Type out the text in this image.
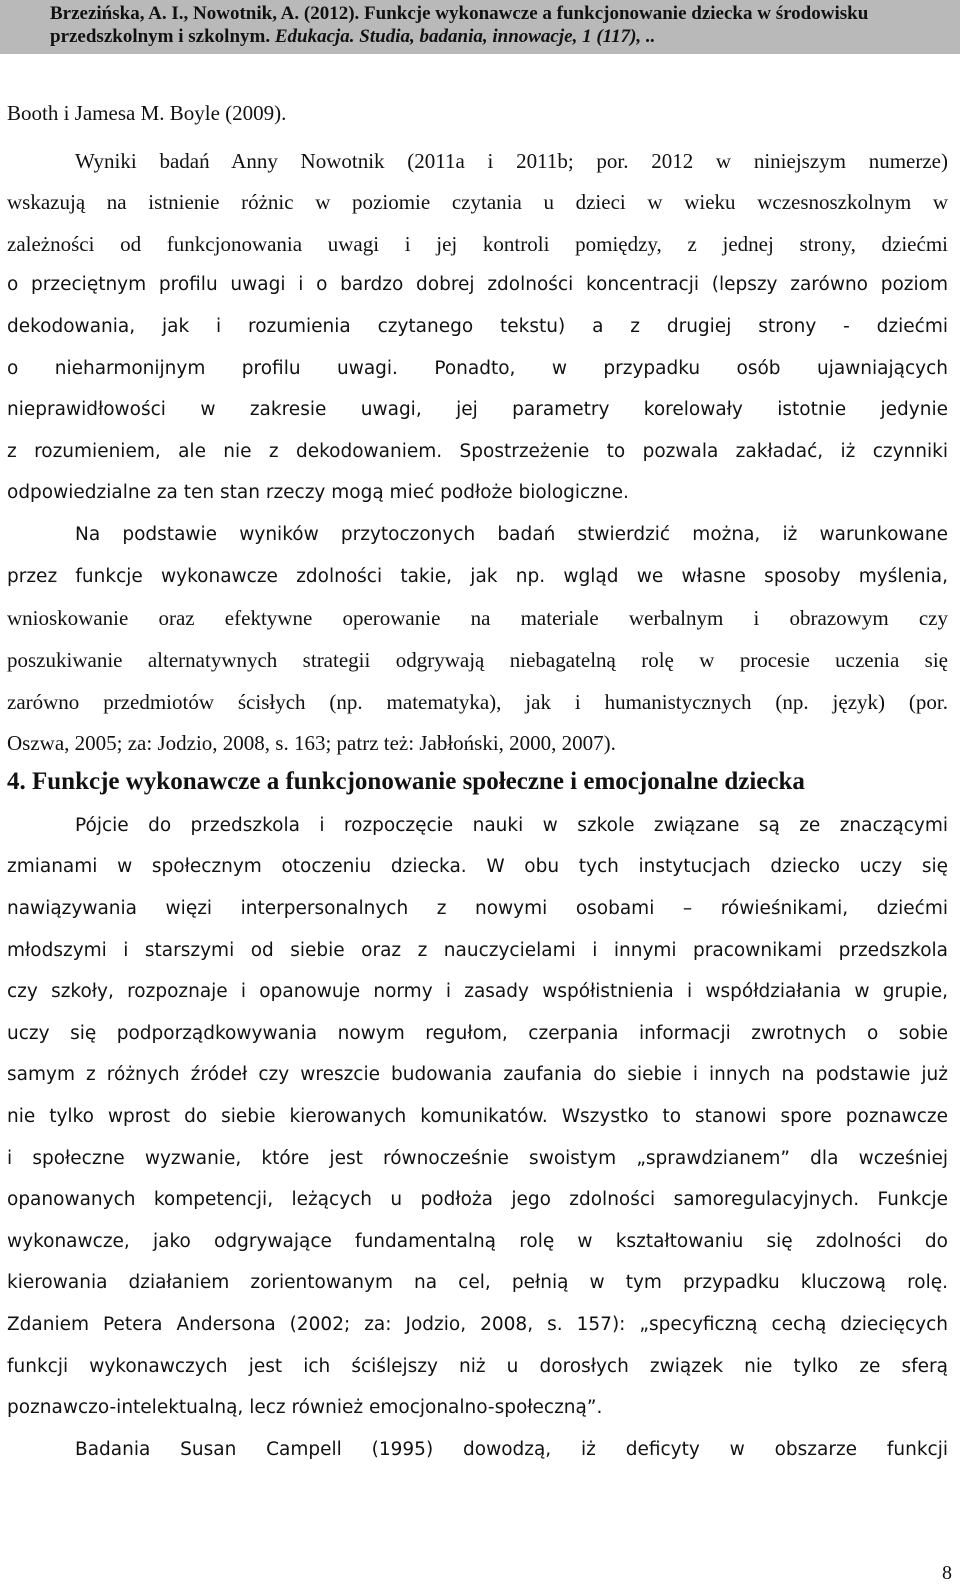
Brzezińska, A. I., Nowotnik, A. (2012). Funkcje wykonawcze a funkcjonowanie dziecka w środowisku
przedszkolnym i szkolnym. Edukacja. Studia, badania, innowacje, 1 (117), ..
Booth i Jamesa M. Boyle (2009).
Wyniki badań Anny Nowotnik (2011a i 2011b; por. 2012 w niniejszym numerze)
wskazują na istnienie różnic w poziomie czytania u dzieci w wieku wczesnoszkolnym w
zależności od funkcjonowania uwagi i jej kontroli pomiędzy, z jednej strony, dziećmi
o przeciętnym profilu uwagi i o bardzo dobrej zdolności koncentracji (lepszy zarówno poziom
dekodowania, jak i rozumienia czytanego tekstu) a z drugiej strony - dziećmi
o nieharmonijnym profilu uwagi. Ponadto, w przypadku osób ujawniających
nieprawidłowości w zakresie uwagi, jej parametry korelowały istotnie jedynie
z rozumieniem, ale nie z dekodowaniem. Spostrzeżenie to pozwala zakładać, iż czynniki
odpowiedzialne za ten stan rzeczy mogą mieć podłoże biologiczne.
Na podstawie wyników przytoczonych badań stwierdzić można, iż warunkowane
przez funkcje wykonawcze zdolności takie, jak np. wgląd we własne sposoby myślenia,
wnioskowanie oraz efektywne operowanie na materiale werbalnym i obrazowym czy
poszukiwanie alternatywnych strategii odgrywają niebagatelną rolę w procesie uczenia się
zarówno przedmiotów ścisłych (np. matematyka), jak i humanistycznych (np. język) (por.
Oszwa, 2005; za: Jodzio, 2008, s. 163; patrz też: Jabłoński, 2000, 2007).
4. Funkcje wykonawcze a funkcjonowanie społeczne i emocjonalne dziecka
Pójcie do przedszkola i rozpoczęcie nauki w szkole związane są ze znaczącymi
zmianami w społecznym otoczeniu dziecka. W obu tych instytucjach dziecko uczy się
nawiązywania więzi interpersonalnych z nowymi osobami – rówieśnikami, dziećmi
młodszymi i starszymi od siebie oraz z nauczycielami i innymi pracownikami przedszkola
czy szkoły, rozpoznaje i opanowuje normy i zasady współistnienia i współdziałania w grupie,
uczy się podporządkowywania nowym regułom, czerpania informacji zwrotnych o sobie
samym z różnych źródeł czy wreszcie budowania zaufania do siebie i innych na podstawie już
nie tylko wprost do siebie kierowanych komunikatów. Wszystko to stanowi spore poznawcze
i społeczne wyzwanie, które jest równocześnie swoistym „sprawdzianem” dla wcześniej
opanowanych kompetencji, leżących u podłoża jego zdolności samoregulacyjnych. Funkcje
wykonawcze, jako odgrywające fundamentalną rolę w kształtowaniu się zdolności do
kierowania działaniem zorientowanym na cel, pełnią w tym przypadku kluczową rolę.
Zdaniem Petera Andersona (2002; za: Jodzio, 2008, s. 157): „specyficzną cechą dziecięcych
funkcji wykonawczych jest ich ściślejszy niż u dorosłych związek nie tylko ze sferą
poznawczo-intelektualną, lecz również emocjonalno-społeczną”.
Badania Susan Campell (1995) dowodzą, iż deficyty w obszarze funkcji
8
